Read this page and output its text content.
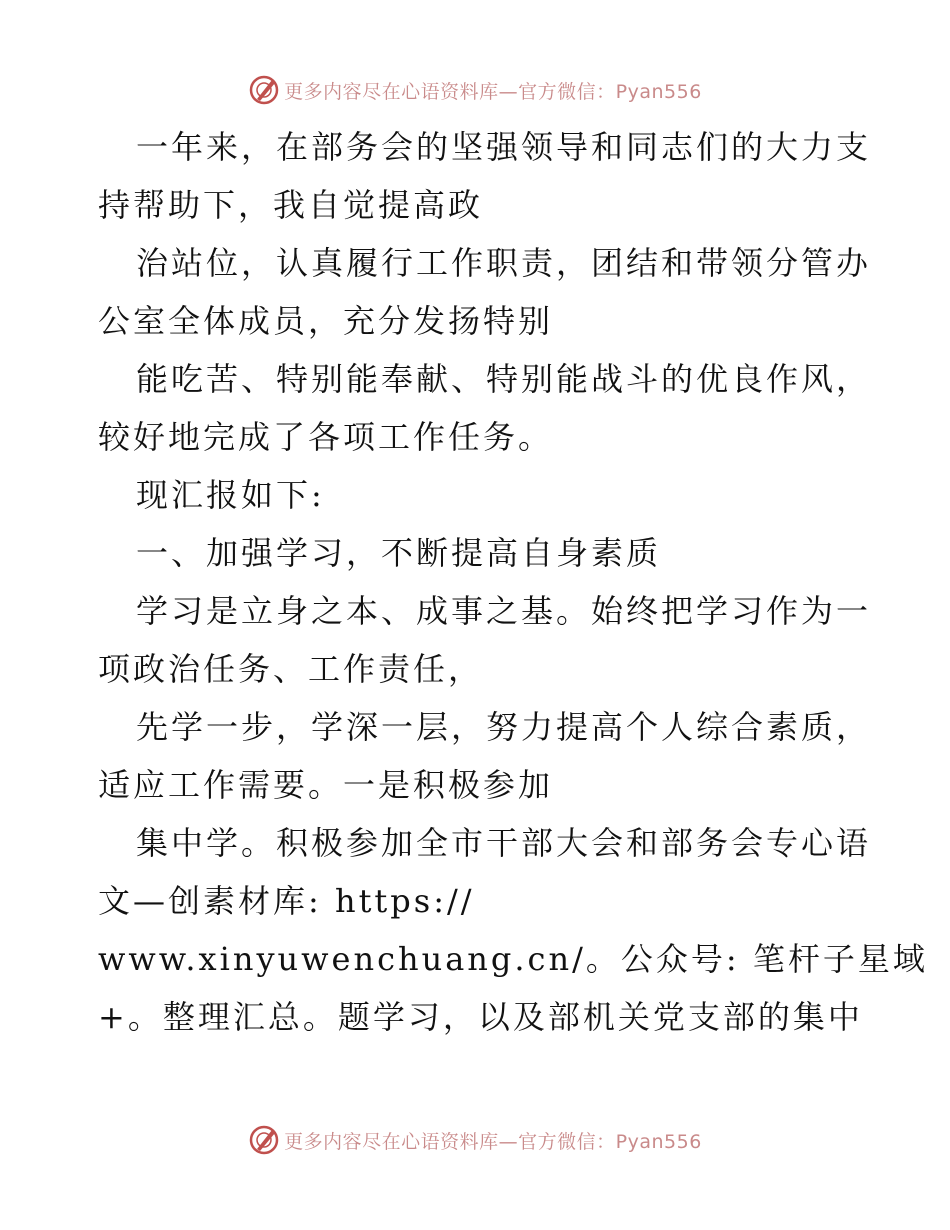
更多内容尽在心语资料库—官方微信：Pyan556
一年来，在部务会的坚强领导和同志们的大力支
持帮助下，我自觉提高政
治站位，认真履行工作职责，团结和带领分管办
公室全体成员，充分发扬特别
能吃苦、特别能奉献、特别能战斗的优良作风，
较好地完成了各项工作任务。
现汇报如下:
一、加强学习，不断提高自身素质
学习是立身之本、成事之基。始终把学习作为一
项政治任务、工作责任，
先学一步，学深一层，努力提高个人综合素质，
适应工作需要。一是积极参加
集中学。积极参加全市干部大会和部务会专心语
文—创素材库: https://
www.xinyuwenchuang.cn/。公众号: 笔杆子星域
+。整理汇总。题学习，以及部机关党支部的集中
更多内容尽在心语资料库—官方微信：Pyan556
